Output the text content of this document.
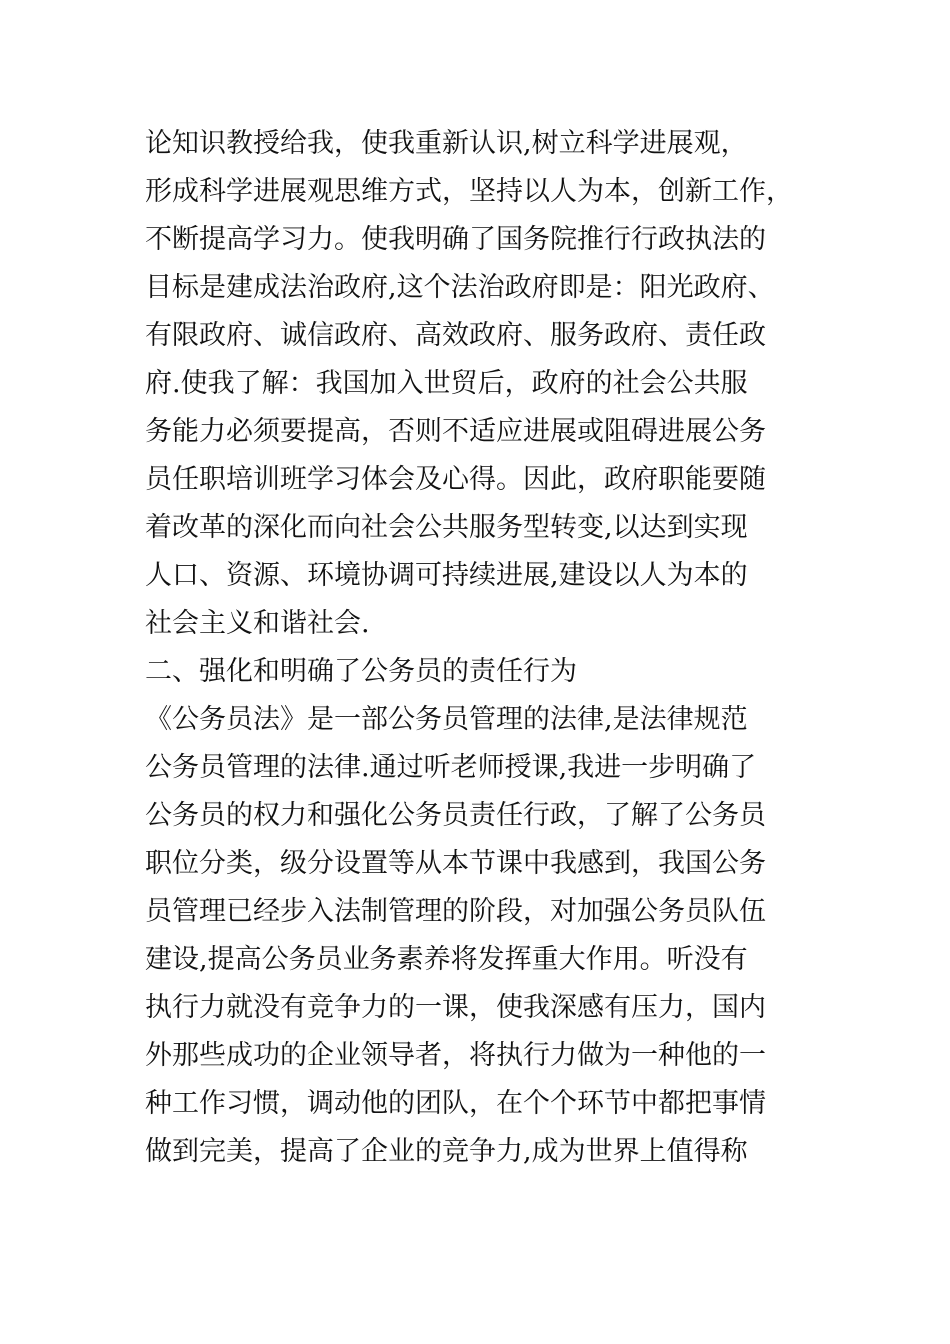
论知识教授给我，使我重新认识,树立科学进展观，
形成科学进展观思维方式，坚持以人为本，创新工作，
不断提高学习力。使我明确了国务院推行行政执法的
目标是建成法治政府,这个法治政府即是：阳光政府、
有限政府、诚信政府、高效政府、服务政府、责任政
府.使我了解：我国加入世贸后，政府的社会公共服
务能力必须要提高，否则不适应进展或阻碍进展公务
员任职培训班学习体会及心得。因此，政府职能要随
着改革的深化而向社会公共服务型转变,以达到实现
人口、资源、环境协调可持续进展,建设以人为本的
社会主义和谐社会.
二、强化和明确了公务员的责任行为
《公务员法》是一部公务员管理的法律,是法律规范
公务员管理的法律.通过听老师授课,我进一步明确了
公务员的权力和强化公务员责任行政，了解了公务员
职位分类，级分设置等从本节课中我感到，我国公务
员管理已经步入法制管理的阶段，对加强公务员队伍
建设,提高公务员业务素养将发挥重大作用。听没有
执行力就没有竞争力的一课，使我深感有压力，国内
外那些成功的企业领导者，将执行力做为一种他的一
种工作习惯，调动他的团队，在个个环节中都把事情
做到完美，提高了企业的竞争力,成为世界上值得称
